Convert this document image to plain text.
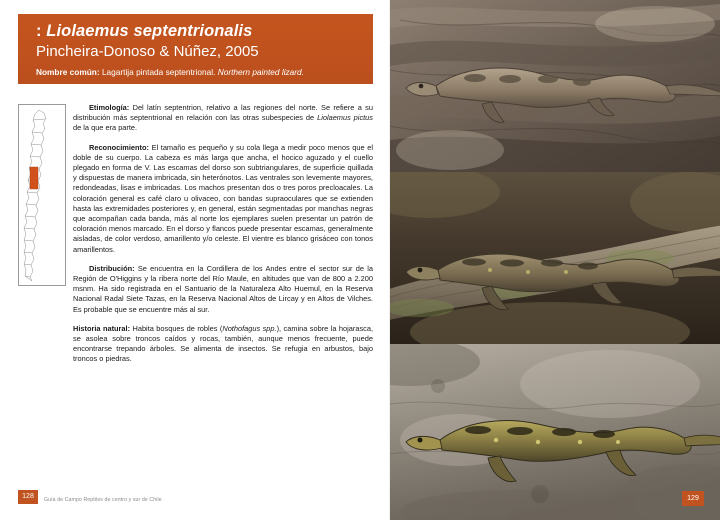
: Liolaemus septentrionalis
Pincheira-Donoso & Núñez, 2005
Nombre común: Lagartija pintada septentrional. Northern painted lizard.
Etimología: Del latín septentrion, relativo a las regiones del norte. Se refiere a su distribución más septentrional en relación con las otras subespecies de Liolaemus pictus de la que era parte.
Reconocimiento: El tamaño es pequeño y su cola llega a medir poco menos que el doble de su cuerpo. La cabeza es más larga que ancha, el hocico aguzado y el cuello plegado en forma de V. Las escamas del dorso son subtriangulares, de superficie quillada y dispuestas de manera imbricada, sin heterónotos. Las ventrales son levemente mayores, redondeadas, lisas e imbricadas. Los machos presentan dos o tres poros precloacales. La coloración general es café claro u olivaceo, con bandas supraoculares que se extienden hasta las extremidades posteriores y, en general, están segmentadas por manchas negras que acompañan cada banda, más al norte los ejemplares suelen presentar un patrón de coloración menos marcado. En el dorso y flancos puede presentar escamas, generalmente aisladas, de color verdoso, amarillento y/o celeste. El vientre es blanco grisáceo con tonos amarillentos.
Distribución: Se encuentra en la Cordillera de los Andes entre el sector sur de la Región de O'Higgins y la ribera norte del Río Maule, en altitudes que van de 800 a 2.200 msnm. Ha sido registrada en el Santuario de la Naturaleza Alto Huemul, en la Reserva Nacional Radal Siete Tazas, en la Reserva Nacional Altos de Lircay y en Altos de Vilches. Es probable que se encuentre más al sur.
Historia natural: Habita bosques de robles (Nothofagus spp.), camina sobre la hojarasca, se asolea sobre troncos caídos y rocas, también, aunque menos frecuente, puede encontrarse trepando árboles. Se alimenta de insectos. Se refugia en arbustos, bajo troncos o piedras.
128	Guía de Campo Reptiles de centro y sur de Chile	129
